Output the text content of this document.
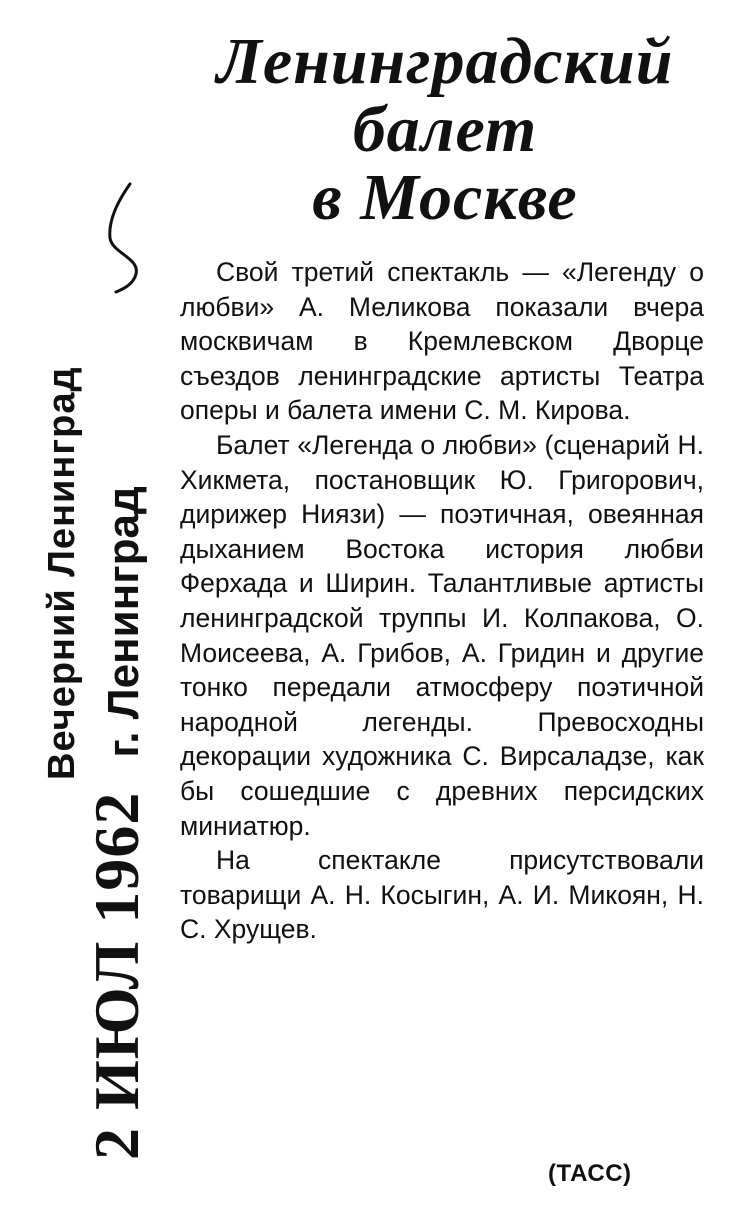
Ленинградский
балет
в Москве
Вечерний Ленинград
2 ИЮЛ 1962
г. Ленинград

Свой третий спектакль — «Легенду о любви» А. Меликова показали вчера москвичам в Кремлевском Дворце съездов ленинградские артисты Театра оперы и балета имени С. М. Кирова.

Балет «Легенда о любви» (сценарий Н. Хикмета, постановщик Ю. Григорович, дирижер Ниязи) — поэтичная, овеянная дыханием Востока история любви Ферхада и Ширин. Талантливые артисты ленинградской труппы И. Колпакова, О. Моисеева, А. Грибов, А. Гридин и другие тонко передали атмосферу поэтичной народной легенды. Превосходны декорации художника С. Вирсаладзе, как бы сошедшие с древних персидских миниатюр.

На спектакле присутствовали товарищи А. Н. Косыгин, А. И. Микоян, Н. С. Хрущев.

(ТАСС)
